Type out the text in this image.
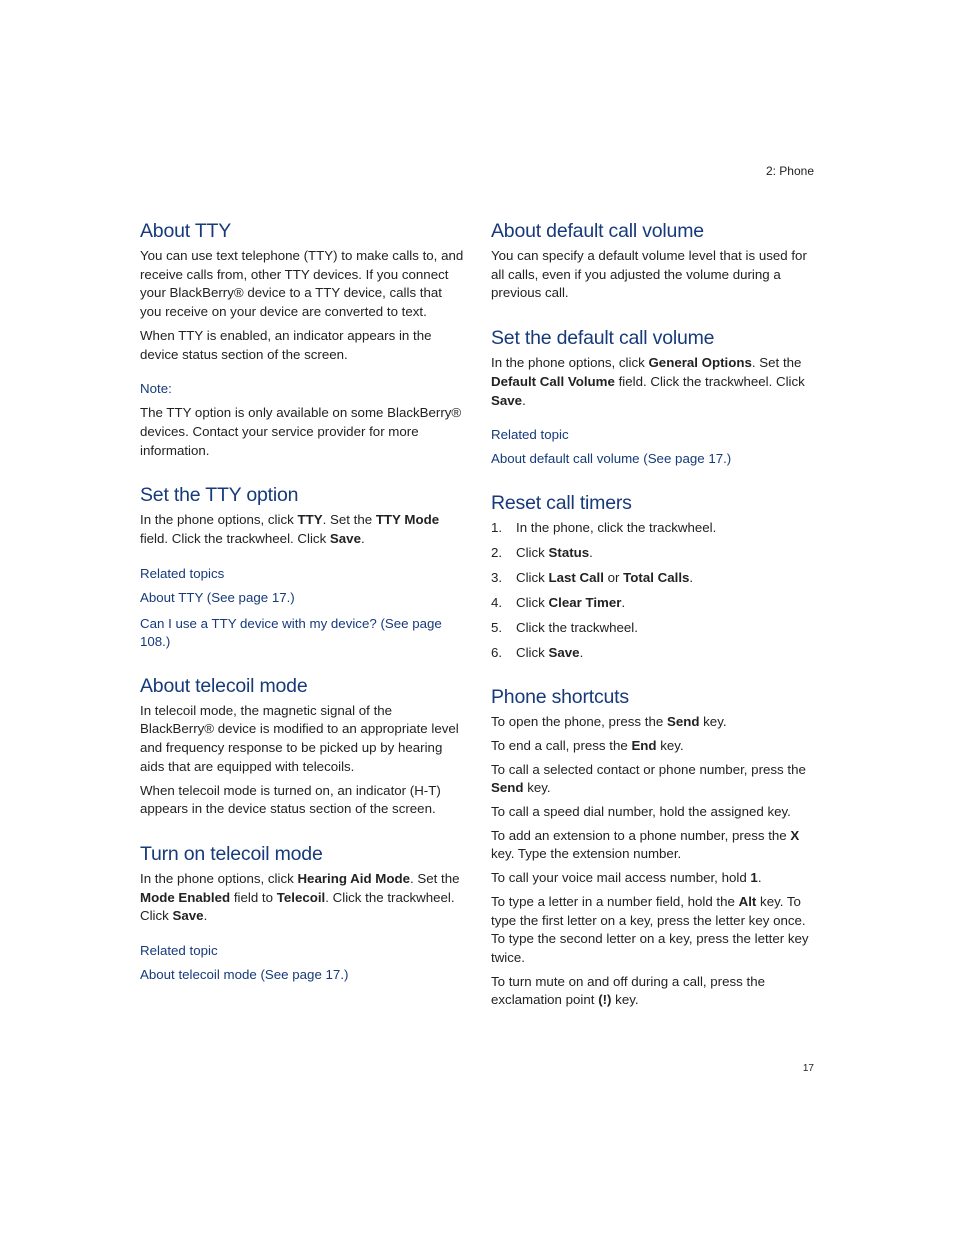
2: Phone
About TTY

You can use text telephone (TTY) to make calls to, and receive calls from, other TTY devices. If you connect your BlackBerry® device to a TTY device, calls that you receive on your device are converted to text.

When TTY is enabled, an indicator appears in the device status section of the screen.

Note:

The TTY option is only available on some BlackBerry® devices. Contact your service provider for more information.

Set the TTY option

In the phone options, click TTY. Set the TTY Mode field. Click the trackwheel. Click Save.

Related topics
About TTY (See page 17.)
Can I use a TTY device with my device? (See page 108.)
About telecoil mode

In telecoil mode, the magnetic signal of the BlackBerry® device is modified to an appropriate level and frequency response to be picked up by hearing aids that are equipped with telecoils.

When telecoil mode is turned on, an indicator (H-T) appears in the device status section of the screen.

Turn on telecoil mode

In the phone options, click Hearing Aid Mode. Set the Mode Enabled field to Telecoil. Click the trackwheel. Click Save.

Related topic
About telecoil mode (See page 17.)
About default call volume

You can specify a default volume level that is used for all calls, even if you adjusted the volume during a previous call.

Set the default call volume

In the phone options, click General Options. Set the Default Call Volume field. Click the trackwheel. Click Save.

Related topic
About default call volume (See page 17.)
Reset call timers
1.	In the phone, click the trackwheel.
2.	Click Status.
3.	Click Last Call or Total Calls.
4.	Click Clear Timer.
5.	Click the trackwheel.
6.	Click Save.
Phone shortcuts

To open the phone, press the Send key.

To end a call, press the End key.

To call a selected contact or phone number, press the Send key.

To call a speed dial number, hold the assigned key.

To add an extension to a phone number, press the X key. Type the extension number.

To call your voice mail access number, hold 1.

To type a letter in a number field, hold the Alt key. To type the first letter on a key, press the letter key once. To type the second letter on a key, press the letter key twice.

To turn mute on and off during a call, press the exclamation point (!) key.

17
